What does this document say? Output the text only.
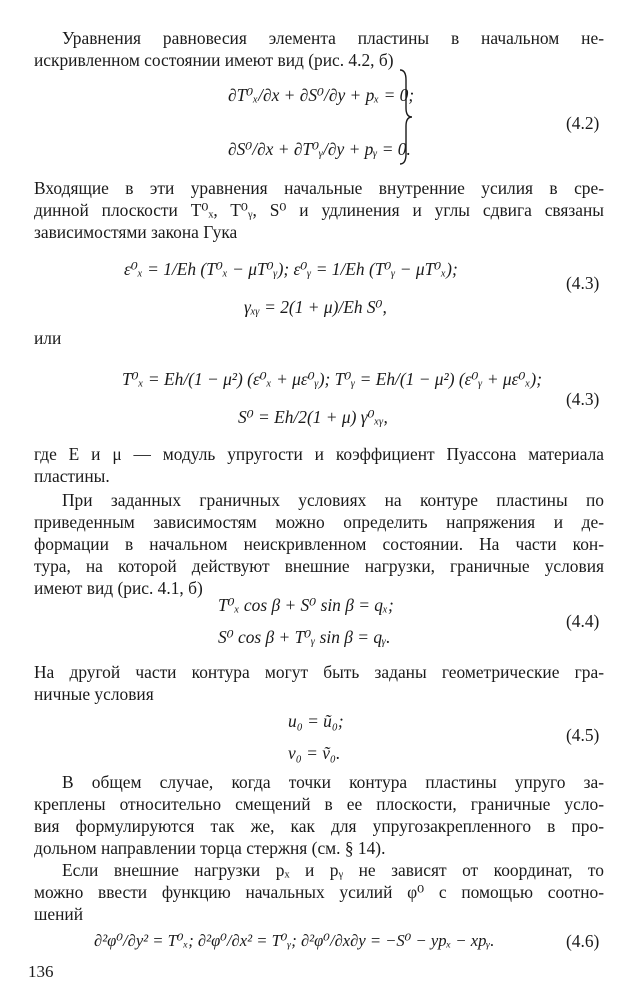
Уравнения равновесия элемента пластины в начальном не-
искривленном состоянии имеют вид (рис. 4.2, б)
∂T⁰ₓ/∂x + ∂S⁰/∂y + pₓ = 0;
∂S⁰/∂x + ∂T⁰ᵧ/∂y + pᵧ = 0.
(4.2)
Входящие в эти уравнения начальные внутренние усилия в сре-
динной плоскости T⁰ₓ, T⁰ᵧ, S⁰ и удлинения и углы сдвига связаны
зависимостями закона Гука
ε⁰ₓ = 1/Eh (T⁰ₓ − μT⁰ᵧ); ε⁰ᵧ = 1/Eh (T⁰ᵧ − μT⁰ₓ);
γₓᵧ = 2(1 + μ)/Eh S⁰,
(4.3)
или
T⁰ₓ = Eh/(1 − μ²) (ε⁰ₓ + με⁰ᵧ); T⁰ᵧ = Eh/(1 − μ²) (ε⁰ᵧ + με⁰ₓ);
S⁰ = Eh/2(1 + μ) γ⁰ₓᵧ,
(4.3)
где E и μ — модуль упругости и коэффициент Пуассона материала
пластины.
При заданных граничных условиях на контуре пластины по
приведенным зависимостям можно определить напряжения и де-
формации в начальном неискривленном состоянии. На части кон-
тура, на которой действуют внешние нагрузки, граничные условия
имеют вид (рис. 4.1, б)
T⁰ₓ cos β + S⁰ sin β = qₓ;
S⁰ cos β + T⁰ᵧ sin β = qᵧ.
(4.4)
На другой части контура могут быть заданы геометрические гра-
ничные условия
u₀ = ũ₀;
v₀ = ṽ₀.
(4.5)
В общем случае, когда точки контура пластины упруго за-
креплены относительно смещений в ее плоскости, граничные усло-
вия формулируются так же, как для упругозакрепленного в про-
дольном направлении торца стержня (см. § 14).
Если внешние нагрузки pₓ и pᵧ не зависят от координат, то
можно ввести функцию начальных усилий φ⁰ с помощью соотно-
шений
∂²φ⁰/∂y² = T⁰ₓ; ∂²φ⁰/∂x² = T⁰ᵧ; ∂²φ⁰/∂x∂y = −S⁰ − ypₓ − xpᵧ.	(4.6)
136
